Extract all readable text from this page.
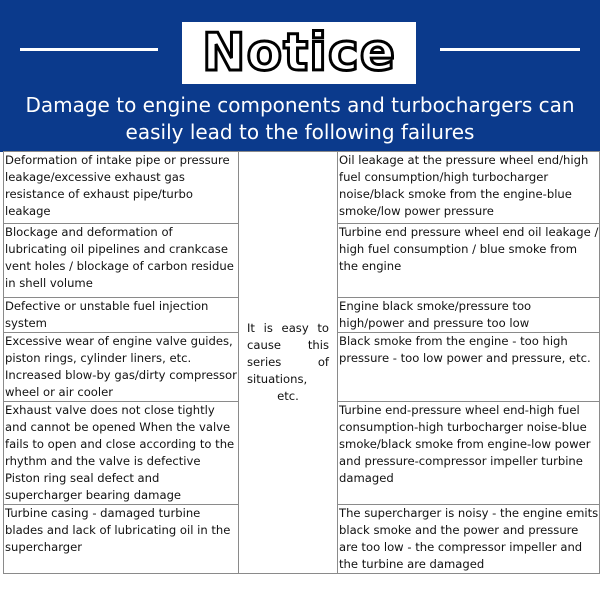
Notice
Damage to engine components and turbochargers can
easily lead to the following failures
Deformation of intake pipe or pressure leakage/excessive exhaust gas resistance of exhaust pipe/turbo leakage	It is easy to cause this series of situations, etc.	Oil leakage at the pressure wheel end/high fuel consumption/high turbocharger noise/black smoke from the engine-blue smoke/low power pressure
Blockage and deformation of lubricating oil pipelines and crankcase vent holes / blockage of carbon residue in shell volume		Turbine end pressure wheel end oil leakage / high fuel consumption / blue smoke from the engine
Defective or unstable fuel injection system		Engine black smoke/pressure too high/power and pressure too low
Excessive wear of engine valve guides, piston rings, cylinder liners, etc. Increased blow-by gas/dirty compressor wheel or air cooler		Black smoke from the engine - too high pressure - too low power and pressure, etc.
Exhaust valve does not close tightly and cannot be opened When the valve fails to open and close according to the rhythm and the valve is defective Piston ring seal defect and supercharger bearing damage		Turbine end-pressure wheel end-high fuel consumption-high turbocharger noise-blue smoke/black smoke from engine-low power and pressure-compressor impeller turbine damaged
Turbine casing - damaged turbine blades and lack of lubricating oil in the supercharger		The supercharger is noisy - the engine emits black smoke and the power and pressure are too low - the compressor impeller and the turbine are damaged
